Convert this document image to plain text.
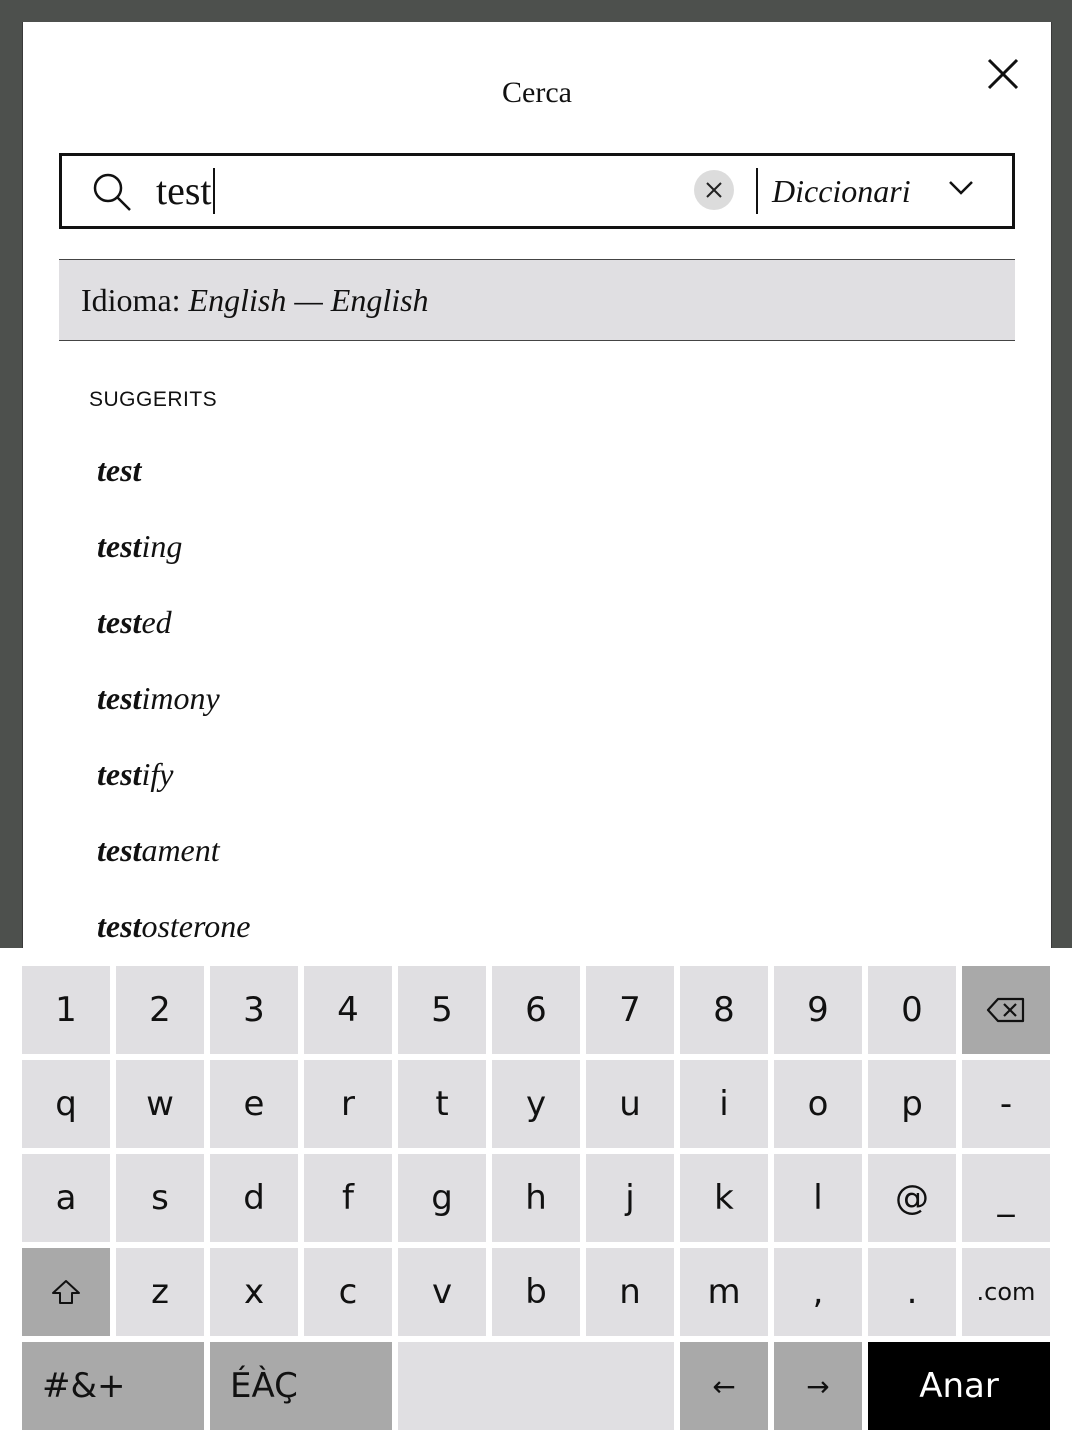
Cerca
test	Diccionari
Idioma: English — English
SUGGERITS
test
testing
tested
testimony
testify
testament
testosterone
1	2	3	4	5	6	7	8	9	0
q	w	e	r	t	y	u	i	o	p	-
a	s	d	f	g	h	j	k	l	@	_
z	x	c	v	b	n	m	,	.	.com
#&+	ÉÀÇ	←	→	Anar
